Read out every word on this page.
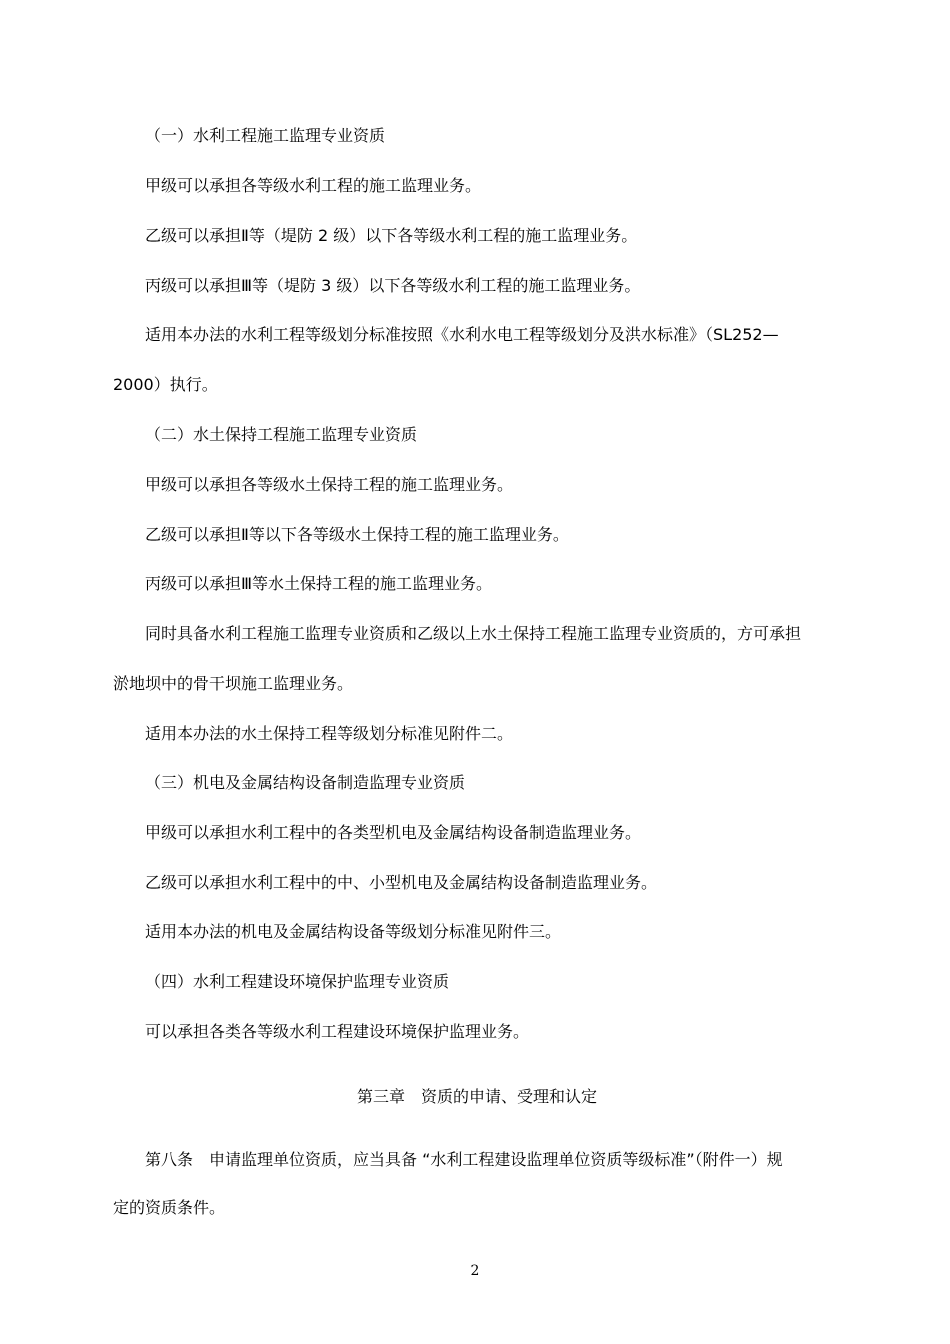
（一）水利工程施工监理专业资质
甲级可以承担各等级水利工程的施工监理业务。
乙级可以承担Ⅱ等（堤防 2 级）以下各等级水利工程的施工监理业务。
丙级可以承担Ⅲ等（堤防 3 级）以下各等级水利工程的施工监理业务。
适用本办法的水利工程等级划分标准按照《水利水电工程等级划分及洪水标准》（SL252—
2000）执行。
（二）水土保持工程施工监理专业资质
甲级可以承担各等级水土保持工程的施工监理业务。
乙级可以承担Ⅱ等以下各等级水土保持工程的施工监理业务。
丙级可以承担Ⅲ等水土保持工程的施工监理业务。
同时具备水利工程施工监理专业资质和乙级以上水土保持工程施工监理专业资质的，方可承担
淤地坝中的骨干坝施工监理业务。
适用本办法的水土保持工程等级划分标准见附件二。
（三）机电及金属结构设备制造监理专业资质
甲级可以承担水利工程中的各类型机电及金属结构设备制造监理业务。
乙级可以承担水利工程中的中、小型机电及金属结构设备制造监理业务。
适用本办法的机电及金属结构设备等级划分标准见附件三。
（四）水利工程建设环境保护监理专业资质
可以承担各类各等级水利工程建设环境保护监理业务。
第三章　资质的申请、受理和认定
第八条　申请监理单位资质，应当具备 “水利工程建设监理单位资质等级标准”（附件一）规
定的资质条件。
2
